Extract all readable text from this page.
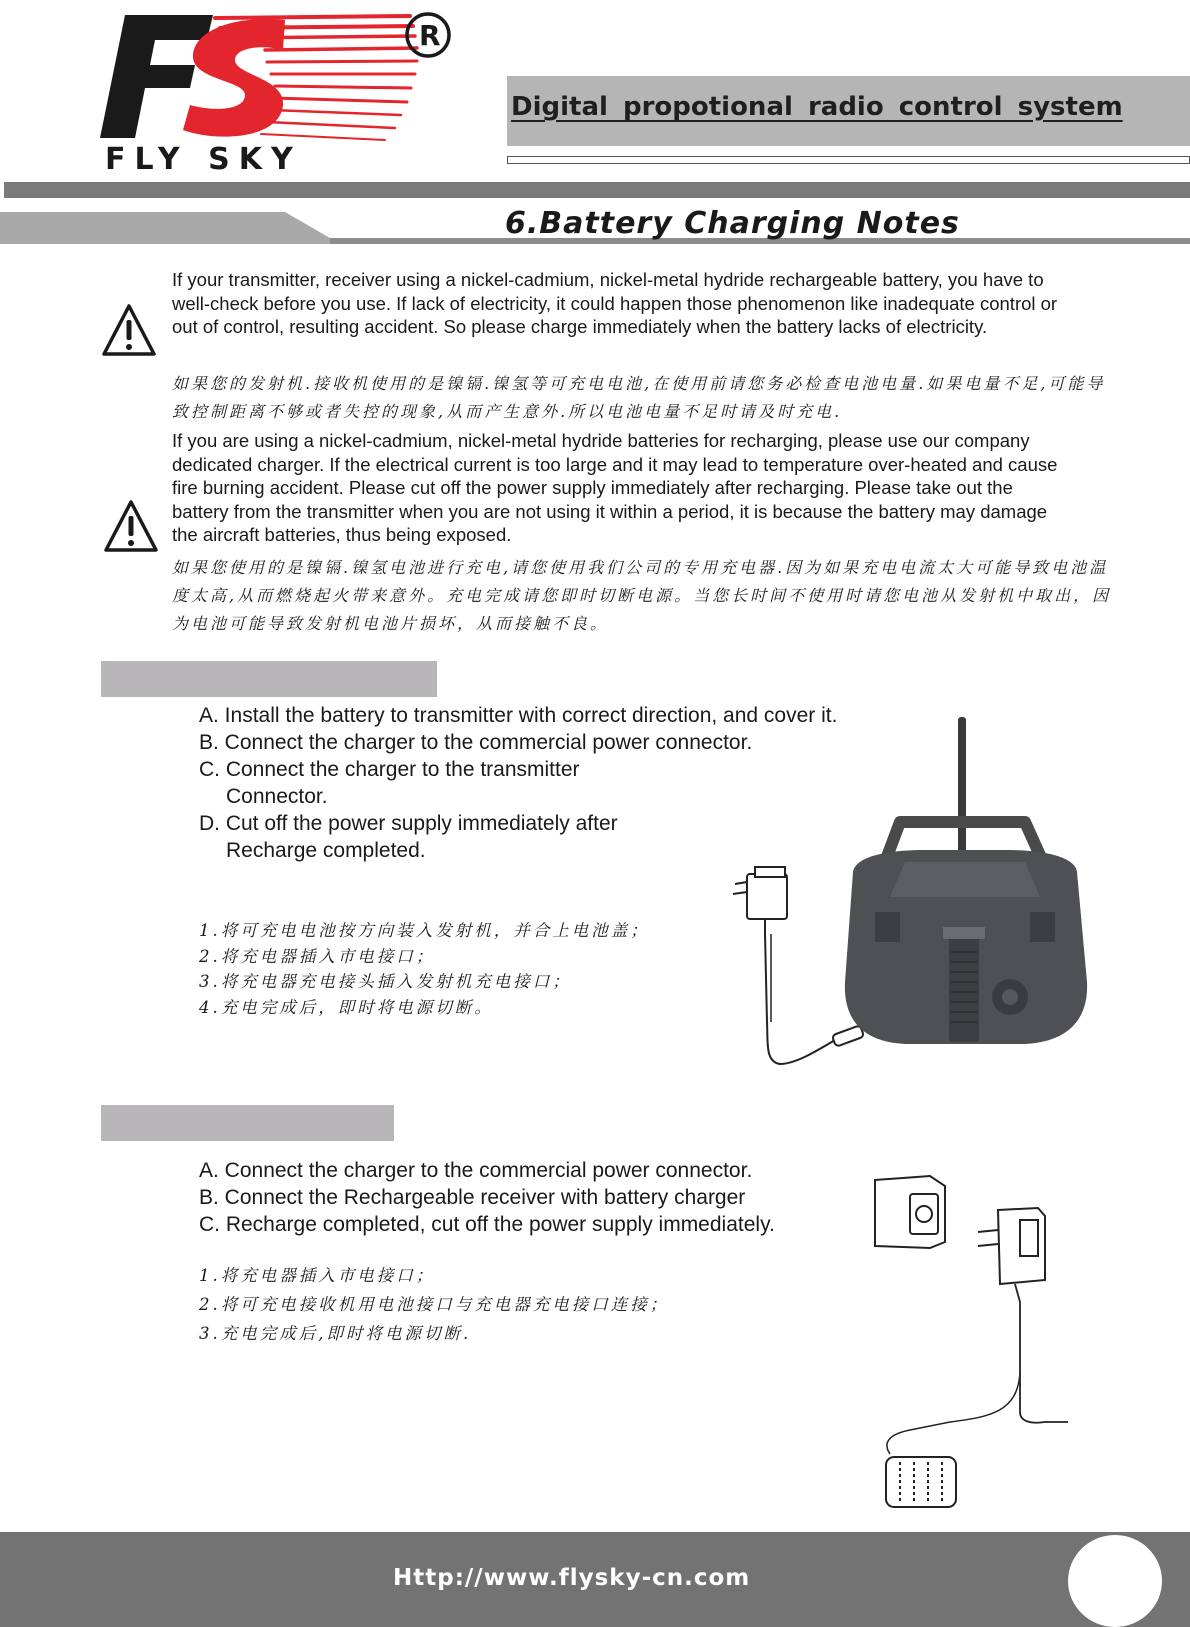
R
FLY SKY
Digital propotional radio control system
6.Battery Charging Notes
If your transmitter, receiver using a nickel-cadmium, nickel-metal hydride rechargeable battery, you have to well-check before you use. If lack of electricity, it could happen those phenomenon like inadequate control or out of control, resulting accident. So please charge immediately when the battery lacks of electricity.
如果您的发射机.接收机使用的是镍镉.镍氢等可充电电池,在使用前请您务必检查电池电量.如果电量不足,可能导致控制距离不够或者失控的现象,从而产生意外.所以电池电量不足时请及时充电.
If you are using a nickel-cadmium, nickel-metal hydride batteries for recharging, please use our company dedicated charger. If the electrical current is too large and it may lead to temperature over-heated and cause fire burning accident. Please cut off the power supply immediately after recharging. Please take out the battery from the transmitter when you are not using it within a period, it is because the battery may damage the aircraft batteries, thus being exposed.
如果您使用的是镍镉.镍氢电池进行充电,请您使用我们公司的专用充电器.因为如果充电电流太大可能导致电池温度太高,从而燃烧起火带来意外。充电完成请您即时切断电源。当您长时间不使用时请您电池从发射机中取出，因为电池可能导致发射机电池片损坏，从而接触不良。
A. Install the battery to transmitter with correct direction, and cover it.
B. Connect the charger to the commercial power connector.
C. Connect the charger to the transmitter
Connector.
D. Cut off the power supply immediately after
Recharge completed.
1.将可充电电池按方向装入发射机，并合上电池盖；
2.将充电器插入市电接口；
3.将充电器充电接头插入发射机充电接口；
4.充电完成后，即时将电源切断。
A. Connect the charger to the commercial power connector.
B. Connect the Rechargeable receiver with battery charger
C. Recharge completed, cut off the power supply immediately.
1.将充电器插入市电接口；
2.将可充电接收机用电池接口与充电器充电接口连接；
3.充电完成后,即时将电源切断.
Http://www.flysky-cn.com
